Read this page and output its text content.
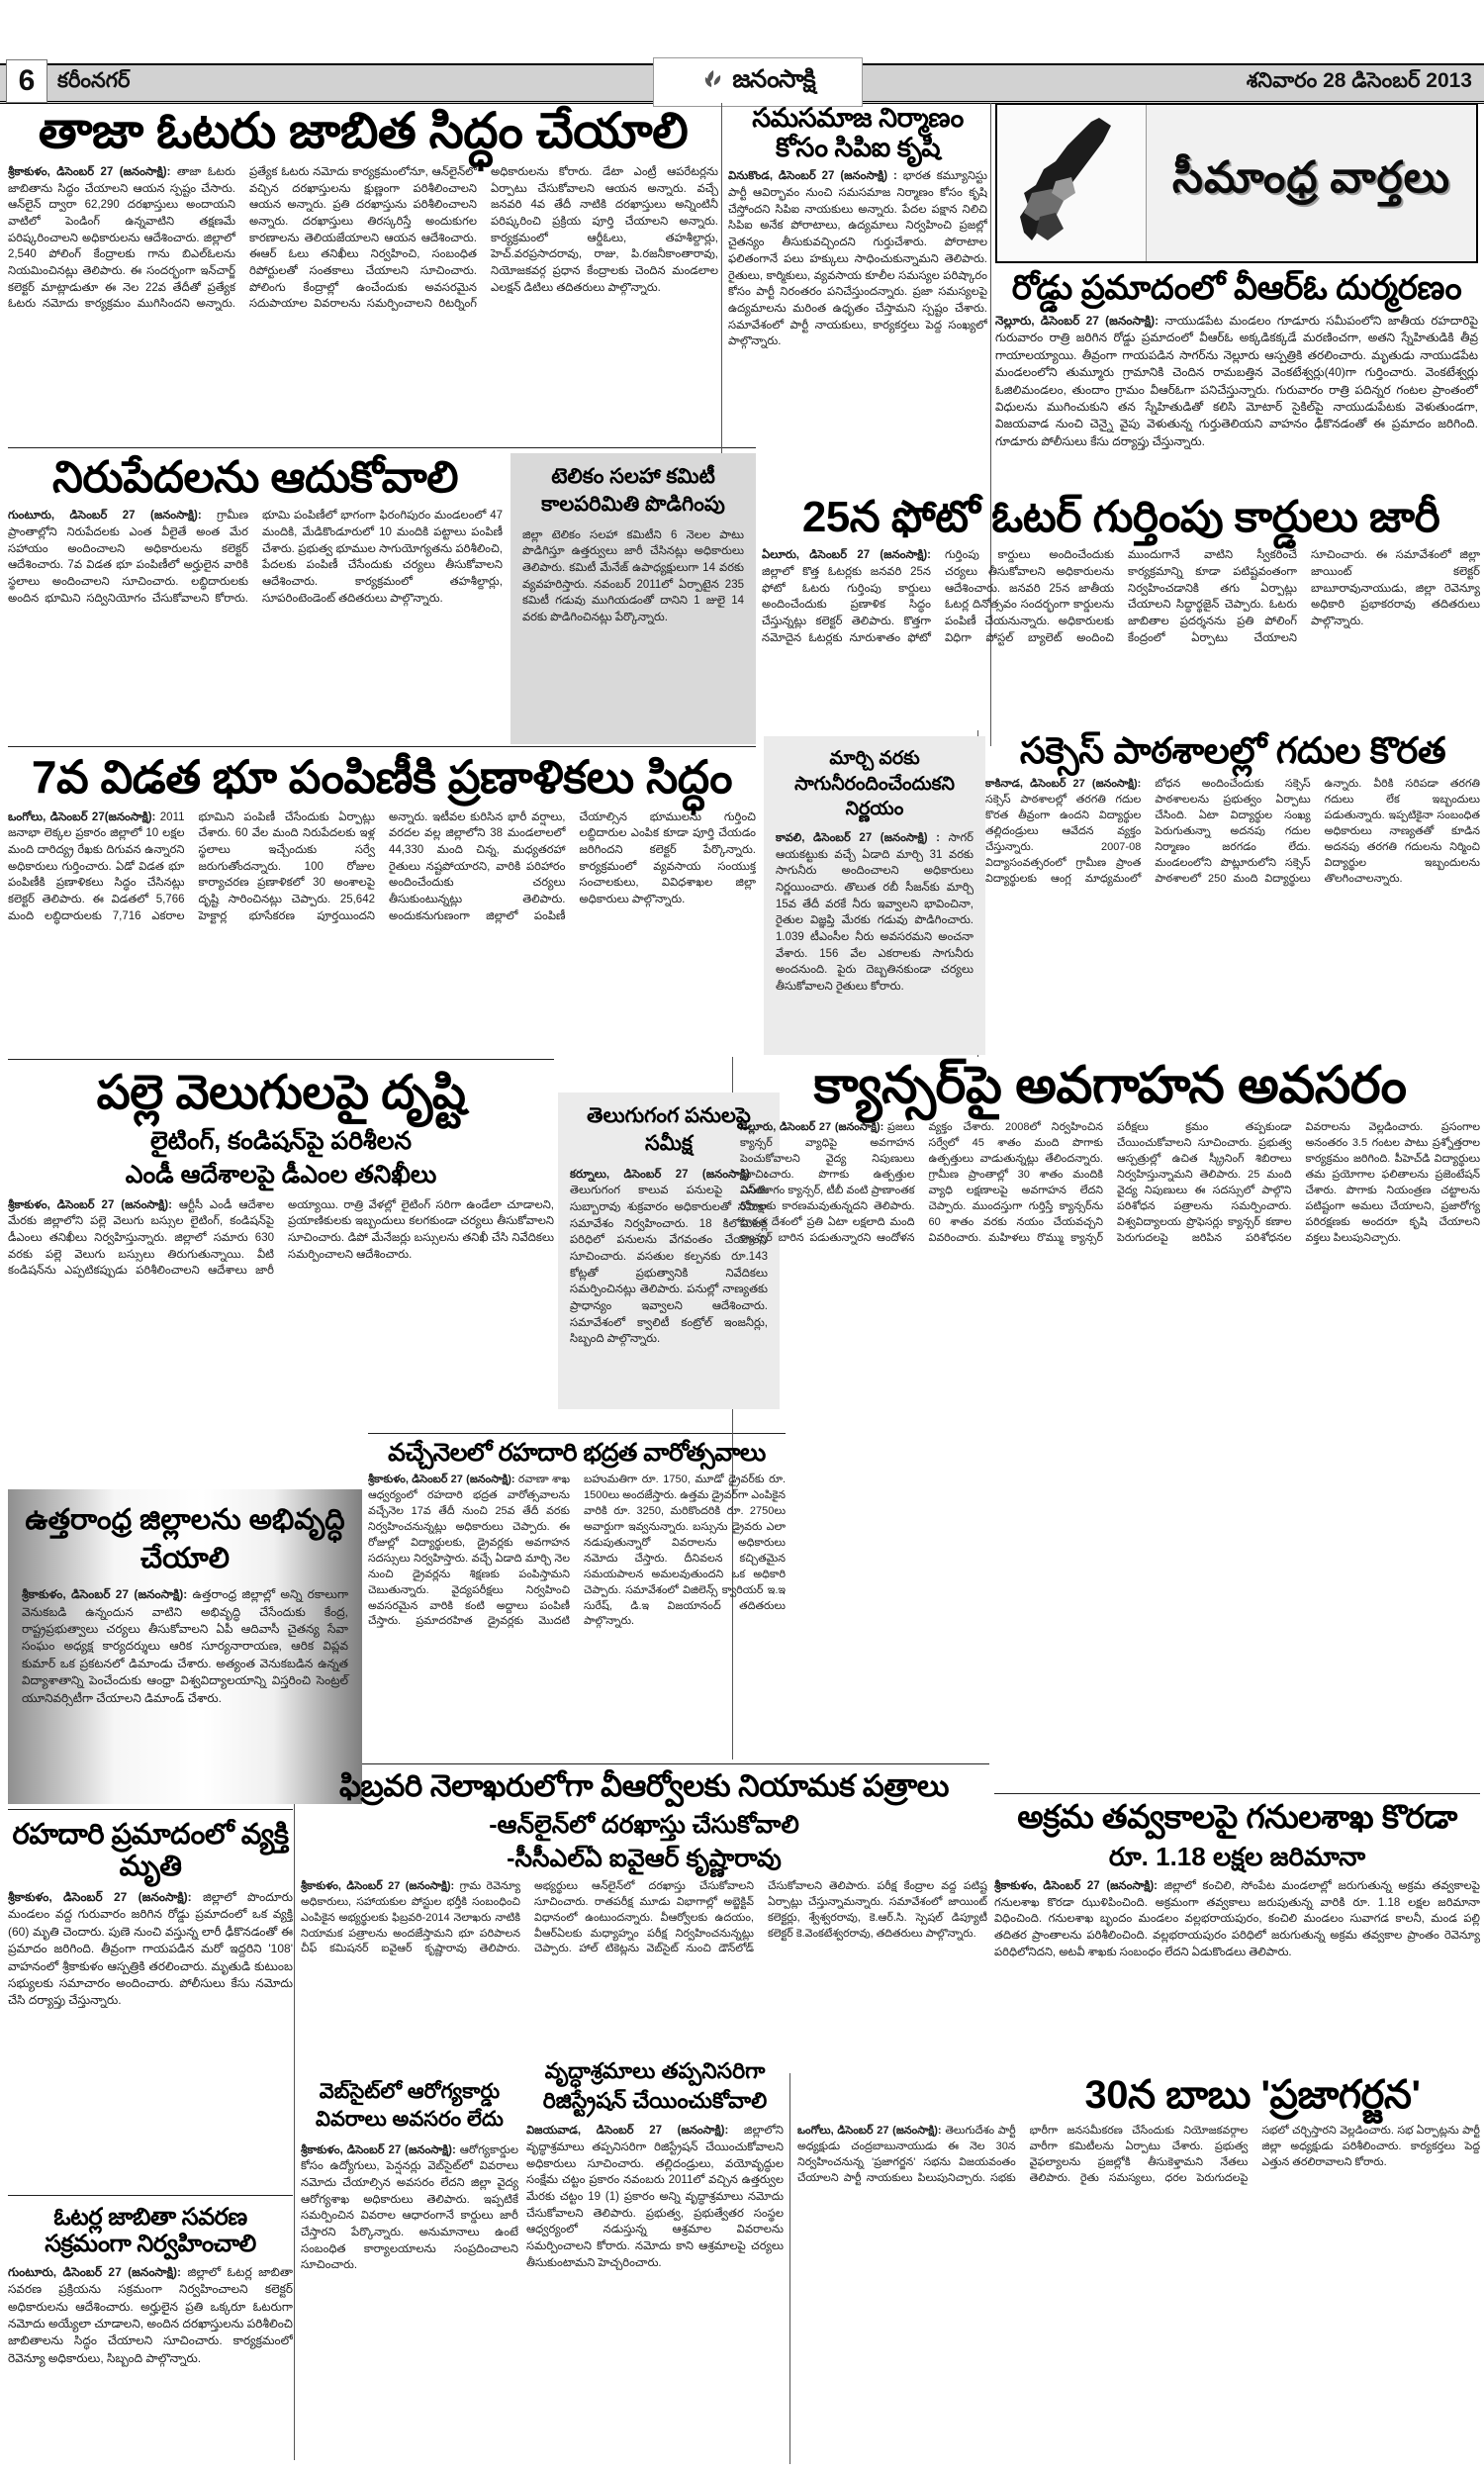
6	కరీంనగర్	జనంసాక్షి	శనివారం 28 డిసెంబర్ 2013
తాజా ఓటరు జాబిత సిద్ధం చేయాలి

శ్రీకాకుళం, డిసెంబర్ 27 (జనంసాక్షి): తాజా ఓటరు జాబితాను సిద్ధం చేయాలని ఆయన స్పష్టం చేసారు. ఆన్‌లైన్ ద్వారా 62,290 దరఖాస్తులు అందాయని వాటిలో పెండింగ్ ఉన్నవాటిని తక్షణమే పరిష్కరించాలని అధికారులను ఆదేశించారు. జిల్లాలో 2,540 పోలింగ్ కేంద్రాలకు గాను బిఎల్‌ఓలను నియమించినట్లు తెలిపారు. ఈ సందర్భంగా ఇన్‌చార్జ్ కలెక్టర్ మాట్లాడుతూ ఈ నెల 22వ తేదీతో ప్రత్యేక ఓటరు నమోదు కార్యక్రమం ముగిసిందని అన్నారు. ప్రత్యేక ఓటరు నమోదు కార్యక్రమంలోనూ, ఆన్‌లైన్‌లో వచ్చిన దరఖాస్తులను క్షుణ్ణంగా పరిశీలించాలని ఆయన అన్నారు. ప్రతి దరఖాస్తును పరిశీలించాలని అన్నారు. దరఖాస్తులు తిరస్కరిస్తే అందుకుగల కారణాలను తెలియజేయాలని ఆయన ఆదేశించారు. ఈఆర్ ఓలు తనిఖీలు నిర్వహించి, సంబంధిత రిపోర్టులతో సంతకాలు చేయాలని సూచించారు. పోలింగు కేంద్రాల్లో ఉంచేందుకు అవసరమైన సదుపాయాల వివరాలను సమర్పించాలని రిటర్నింగ్ అధికారులను కోరారు. డేటా ఎంట్రీ ఆపరేటర్లను ఏర్పాటు చేసుకోవాలని ఆయన అన్నారు. వచ్చే జనవరి 4వ తేదీ నాటికి దరఖాస్తులు అన్నింటినీ పరిష్కరించి ప్రక్రియ పూర్తి చేయాలని అన్నారు. కార్యక్రమంలో ఆర్డీఓలు, తహశీల్దార్లు, హెచ్.వరప్రసాదరావు, రాజు, పి.రజనీకాంతారావు, నియోజకవర్గ ప్రధాన కేంద్రాలకు చెందిన మండలాల ఎలక్షన్ డిటిలు తదితరులు పాల్గొన్నారు.

సమసమాజ నిర్మాణం కోసం సిపిఐ కృషి

వినుకొండ, డిసెంబర్ 27 (జనంసాక్షి) : భారత కమ్యూనిస్టు పార్టీ ఆవిర్భావం నుంచి సమసమాజ నిర్మాణం కోసం కృషి చేస్తోందని సిపిఐ నాయకులు అన్నారు. పేదల పక్షాన నిలిచి సిపిఐ అనేక పోరాటాలు, ఉద్యమాలు నిర్వహించి ప్రజల్లో చైతన్యం తీసుకువచ్చిందని గుర్తుచేశారు. పోరాటాల ఫలితంగానే పలు హక్కులు సాధించుకున్నామని తెలిపారు. రైతులు, కార్మికులు, వ్యవసాయ కూలీల సమస్యల పరిష్కారం కోసం పార్టీ నిరంతరం పనిచేస్తుందన్నారు. ప్రజా సమస్యలపై ఉద్యమాలను మరింత ఉధృతం చేస్తామని స్పష్టం చేశారు. సమావేశంలో పార్టీ నాయకులు, కార్యకర్తలు పెద్ద సంఖ్యలో పాల్గొన్నారు.

సీమాంధ్ర వార్తలు
రోడ్డు ప్రమాదంలో వీఆర్ఓ దుర్మరణం

నెల్లూరు, డిసెంబర్ 27 (జనంసాక్షి): నాయుడపేట మండలం గూడూరు సమీపంలోని జాతీయ రహదారిపై గురువారం రాత్రి జరిగిన రోడ్డు ప్రమాదంలో వీఆర్ఓ అక్కడికక్కడే మరణించగా, అతని స్నేహితుడికి తీవ్ర గాయాలయ్యాయి. తీవ్రంగా గాయపడిన సాగర్‌ను నెల్లూరు ఆస్పత్రికి తరలించారు. మృతుడు నాయుడపేట మండలంలోని తుమ్మూరు గ్రామానికి చెందిన రామబత్తిన వెంకటేశ్వర్లు(40)గా గుర్తించారు. వెంకటేశ్వర్లు ఓజిలిమండలం, తుందాం గ్రామం వీఆర్ఓగా పనిచేస్తున్నారు. గురువారం రాత్రి పదిన్నర గంటల ప్రాంతంలో విధులను ముగించుకుని తన స్నేహితుడితో కలిసి మోటార్ సైకిల్‌పై నాయుడుపేటకు వెళుతుండగా, విజయవాడ నుంచి చెన్నై వైపు వెళుతున్న గుర్తుతెలియని వాహనం ఢీకొనడంతో ఈ ప్రమాదం జరిగింది. గూడూరు పోలీసులు కేసు దర్యాప్తు చేస్తున్నారు.

నిరుపేదలను ఆదుకోవాలి

గుంటూరు, డిసెంబర్ 27 (జనంసాక్షి): గ్రామీణ ప్రాంతాల్లోని నిరుపేదలకు ఎంత వీలైతే అంత మేర సహాయం అందించాలని అధికారులను కలెక్టర్ ఆదేశించారు. 7వ విడత భూ పంపిణీలో అర్హులైన వారికి స్థలాలు అందించాలని సూచించారు. లబ్ధిదారులకు అందిన భూమిని సద్వినియోగం చేసుకోవాలని కోరారు. భూమి పంపిణీలో భాగంగా ఫిరంగిపురం మండలంలో 47 మందికి, మేడికొండూరులో 10 మందికి పట్టాలు పంపిణీ చేశారు. ప్రభుత్వ భూముల సాగుయోగ్యతను పరిశీలించి, పేదలకు పంపిణీ చేసేందుకు చర్యలు తీసుకోవాలని ఆదేశించారు. కార్యక్రమంలో తహశీల్దార్లు, సూపరింటెండెంట్ తదితరులు పాల్గొన్నారు.

టెలికం సలహా కమిటీ కాలపరిమితి పొడిగింపు

జిల్లా టెలికం సలహా కమిటీని 6 నెలల పాటు పొడిగిస్తూ ఉత్తర్వులు జారీ చేసినట్లు అధికారులు తెలిపారు. కమిటీ మేనేజ్ ఉపాధ్యక్షులుగా 14 వరకు వ్యవహరిస్తారు. నవంబర్ 2011లో ఏర్పాటైన 235 కమిటీ గడువు ముగియడంతో దానిని 1 జులై 14 వరకు పొడిగించినట్లు పేర్కొన్నారు.

25న ఫోటో ఓటర్ గుర్తింపు కార్డులు జారీ

ఏలూరు, డిసెంబర్ 27 (జనంసాక్షి): జిల్లాలో కొత్త ఓటర్లకు జనవరి 25న ఫోటో ఓటరు గుర్తింపు కార్డులు అందించేందుకు ప్రణాళిక సిద్ధం చేస్తున్నట్లు కలెక్టర్ తెలిపారు. కొత్తగా నమోదైన ఓటర్లకు నూరుశాతం ఫోటో గుర్తింపు కార్డులు అందించేందుకు చర్యలు తీసుకోవాలని అధికారులను ఆదేశించారు. జనవరి 25న జాతీయ ఓటర్ల దినోత్సవం సందర్భంగా కార్డులను పంపిణీ చేయనున్నారు. అధికారులకు విధిగా పోస్టల్ బ్యాలెట్ అందించి ముందుగానే వాటిని స్వీకరించే కార్యక్రమాన్ని కూడా పటిష్టవంతంగా నిర్వహించడానికి తగు ఏర్పాట్లు చేయాలని సిద్ధార్థజైన్ చెప్పారు. ఓటరు జాబితాల ప్రదర్శనను ప్రతి పోలింగ్ కేంద్రంలో ఏర్పాటు చేయాలని సూచించారు. ఈ సమావేశంలో జిల్లా జాయింట్ కలెక్టర్ బాబూరావునాయుడు, జిల్లా రెవెన్యూ అధికారి ప్రభాకరరావు తదితరులు పాల్గొన్నారు.

7వ విడత భూ పంపిణీకి ప్రణాళికలు సిద్ధం

ఒంగోలు, డిసెంబర్ 27(జనంసాక్షి): 2011 జనాభా లెక్కల ప్రకారం జిల్లాలో 10 లక్షల మంది దారిద్య్ర రేఖకు దిగువన ఉన్నారని అధికారులు గుర్తించారు. ఏడో విడత భూ పంపిణీకి ప్రణాళికలు సిద్ధం చేసినట్లు కలెక్టర్ తెలిపారు. ఈ విడతలో 5,766 మంది లబ్ధిదారులకు 7,716 ఎకరాల భూమిని పంపిణీ చేసేందుకు ఏర్పాట్లు చేశారు. 60 వేల మంది నిరుపేదలకు ఇళ్ల స్థలాలు ఇచ్చేందుకు సర్వే జరుగుతోందన్నారు. 100 రోజుల కార్యాచరణ ప్రణాళికలో 30 అంశాలపై దృష్టి సారించినట్లు చెప్పారు. 25,642 హెక్టార్ల భూసేకరణ పూర్తయిందని అన్నారు. ఇటీవల కురిసిన భారీ వర్షాలు, వరదల వల్ల జిల్లాలోని 38 మండలాలలో 44,330 మంది చిన్న, మధ్యతరహా రైతులు నష్టపోయారని, వారికి పరిహారం అందించేందుకు చర్యలు తీసుకుంటున్నట్లు తెలిపారు. అందుకనుగుణంగా జిల్లాలో పంపిణీ చేయాల్సిన భూములను గుర్తించి లబ్ధిదారుల ఎంపిక కూడా పూర్తి చేయడం జరిగిందని కలెక్టర్ పేర్కొన్నారు. కార్యక్రమంలో వ్యవసాయ సంయుక్త సంచాలకులు, వివిధశాఖల జిల్లా అధికారులు పాల్గొన్నారు.

మార్చి వరకు సాగునీరందించేందుకని నిర్ణయం

కావలి, డిసెంబర్ 27 (జనంసాక్షి) : సాగర్ ఆయకట్టుకు వచ్చే ఏడాది మార్చి 31 వరకు సాగునీరు అందించాలని అధికారులు నిర్ణయించారు. తొలుత రబీ సీజన్‌కు మార్చి 15వ తేదీ వరకే నీరు ఇవ్వాలని భావించినా, రైతుల విజ్ఞప్తి మేరకు గడువు పొడిగించారు. 1.039 టీఎంసీల నీరు అవసరమని అంచనా వేశారు. 156 వేల ఎకరాలకు సాగునీరు అందనుంది. పైరు దెబ్బతినకుండా చర్యలు తీసుకోవాలని రైతులు కోరారు.

సక్సెస్ పాఠశాలల్లో గదుల కొరత

కాకినాడ, డిసెంబర్ 27 (జనంసాక్షి): సక్సెస్ పాఠశాలల్లో తరగతి గదుల కొరత తీవ్రంగా ఉందని విద్యార్థుల తల్లిదండ్రులు ఆవేదన వ్యక్తం చేస్తున్నారు. 2007-08 విద్యాసంవత్సరంలో గ్రామీణ ప్రాంత విద్యార్థులకు ఆంగ్ల మాధ్యమంలో బోధన అందించేందుకు సక్సెస్ పాఠశాలలను ప్రభుత్వం ఏర్పాటు చేసింది. ఏటా విద్యార్థుల సంఖ్య పెరుగుతున్నా అదనపు గదుల నిర్మాణం జరగడం లేదు. మండలంలోని పొట్లూరులోని సక్సెస్ పాఠశాలలో 250 మంది విద్యార్థులు ఉన్నారు. వీరికి సరిపడా తరగతి గదులు లేక ఇబ్బందులు పడుతున్నారు. ఇప్పటికైనా సంబంధిత అధికారులు నాణ్యతతో కూడిన అదనపు తరగతి గదులను నిర్మించి విద్యార్థుల ఇబ్బందులను తొలగించాలన్నారు.

పల్లె వెలుగులపై దృష్టి
లైటింగ్, కండిషన్‌పై పరిశీలన
ఎండీ ఆదేశాలపై డీఎంల తనిఖీలు

శ్రీకాకుళం, డిసెంబర్ 27 (జనంసాక్షి): ఆర్టీసీ ఎండీ ఆదేశాల మేరకు జిల్లాలోని పల్లె వెలుగు బస్సుల లైటింగ్, కండిషన్‌పై డీఎంలు తనిఖీలు నిర్వహిస్తున్నారు. జిల్లాలో సమారు 630 వరకు పల్లె వెలుగు బస్సులు తిరుగుతున్నాయి. వీటి కండిషన్‌ను ఎప్పటికప్పుడు పరిశీలించాలని ఆదేశాలు జారీ అయ్యాయి. రాత్రి వేళల్లో లైటింగ్ సరిగా ఉండేలా చూడాలని, ప్రయాణికులకు ఇబ్బందులు కలగకుండా చర్యలు తీసుకోవాలని సూచించారు. డిపో మేనేజర్లు బస్సులను తనిఖీ చేసి నివేదికలు సమర్పించాలని ఆదేశించారు.

తెలుగుగంగ పనులపై సమీక్ష

కర్నూలు, డిసెంబర్ 27 (జనంసాక్షి) : తెలుగుగంగ కాలువ పనులపై ఎస్‌ఈ సుబ్బారావు శుక్రవారం అధికారులతో సమీక్షా సమావేశం నిర్వహించారు. 18 కిలోమీటర్ల పరిధిలో పనులను వేగవంతం చేయాలని సూచించారు. వసతుల కల్పనకు రూ.143 కోట్లతో ప్రభుత్వానికి నివేదికలు సమర్పించినట్లు తెలిపారు. పనుల్లో నాణ్యతకు ప్రాధాన్యం ఇవ్వాలని ఆదేశించారు. సమావేశంలో క్వాలిటీ కంట్రోల్ ఇంజనీర్లు, సిబ్బంది పాల్గొన్నారు.

క్యాన్సర్‌పై అవగాహన అవసరం

నెల్లూరు, డిసెంబర్ 27 (జనంసాక్షి): ప్రజలు క్యాన్సర్ వ్యాధిపై అవగాహన పెంచుకోవాలని వైద్య నిపుణులు సూచించారు. పొగాకు ఉత్పత్తుల వినియోగం క్యాన్సర్, టీబీ వంటి ప్రాణాంతక రోగాలకు కారణమవుతున్నదని తెలిపారు. భారత దేశంలో ప్రతి ఏటా లక్షలాది మంది క్యాన్సర్ బారిన పడుతున్నారని ఆందోళన వ్యక్తం చేశారు. 2008లో నిర్వహించిన సర్వేలో 45 శాతం మంది పొగాకు ఉత్పత్తులు వాడుతున్నట్లు తేలిందన్నారు. గ్రామీణ ప్రాంతాల్లో 30 శాతం మందికి వ్యాధి లక్షణాలపై అవగాహన లేదని చెప్పారు. ముందస్తుగా గుర్తిస్తే క్యాన్సర్‌ను 60 శాతం వరకు నయం చేయవచ్చని వివరించారు. మహిళలు రొమ్ము క్యాన్సర్ పరీక్షలు క్రమం తప్పకుండా చేయించుకోవాలని సూచించారు. ప్రభుత్వ ఆస్పత్రుల్లో ఉచిత స్క్రీనింగ్ శిబిరాలు నిర్వహిస్తున్నామని తెలిపారు. 25 మంది వైద్య నిపుణులు ఈ సదస్సులో పాల్గొని పరిశోధన పత్రాలను సమర్పించారు. విశ్వవిద్యాలయ ప్రొఫెసర్లు క్యాన్సర్ కణాల పెరుగుదలపై జరిపిన పరిశోధనల వివరాలను వెల్లడించారు. ప్రసంగాల అనంతరం 3.5 గంటల పాటు ప్రశ్నోత్తరాల కార్యక్రమం జరిగింది. పీహెచ్‌డి విద్యార్థులు తమ ప్రయోగాల ఫలితాలను ప్రజెంటేషన్ చేశారు. పొగాకు నియంత్రణ చట్టాలను పటిష్టంగా అమలు చేయాలని, ప్రజారోగ్య పరిరక్షణకు అందరూ కృషి చేయాలని వక్తలు పిలుపునిచ్చారు.

ఉత్తరాంధ్ర జిల్లాలను అభివృద్ధి చేయాలి

శ్రీకాకుళం, డిసెంబర్ 27 (జనంసాక్షి): ఉత్తరాంధ్ర జిల్లాల్లో అన్ని రకాలుగా వెనుకబడి ఉన్నందున వాటిని అభివృద్ధి చేసేందుకు కేంద్ర, రాష్ట్రప్రభుత్వాలు చర్యలు తీసుకోవాలని ఏపీ ఆదివాసీ చైతన్య సేవా సంఘం అధ్యక్ష కార్యదర్శులు ఆరిక సూర్యనారాయణ, ఆరిక విప్లవ కుమార్ ఒక ప్రకటనలో డిమాండు చేశారు. అత్యంత వెనుకబడిన ఉన్నత విద్యాశాతాన్ని పెంచేందుకు ఆంధ్రా విశ్వవిద్యాలయాన్ని విస్తరించి సెంట్రల్ యూనివర్సిటీగా చేయాలని డిమాండ్ చేశారు.

వచ్చేనెలలో రహదారి భద్రత వారోత్సవాలు

శ్రీకాకుళం, డిసెంబర్ 27 (జనంసాక్షి): రవాణా శాఖ ఆధ్వర్యంలో రహదారి భద్రత వారోత్సవాలను వచ్చేనెల 17వ తేదీ నుంచి 25వ తేదీ వరకు నిర్వహించనున్నట్లు అధికారులు చెప్పారు. ఈ రోజుల్లో విద్యార్థులకు, డ్రైవర్లకు అవగాహన సదస్సులు నిర్వహిస్తారు. వచ్చే ఏడాది మార్చి నెల నుంచి డ్రైవర్లను శిక్షణకు పంపిస్తామని చెబుతున్నారు. వైద్యపరీక్షలు నిర్వహించి అవసరమైన వారికి కంటి అద్దాలు పంపిణీ చేస్తారు. ప్రమాదరహిత డ్రైవర్లకు మొదటి బహుమతిగా రూ. 1750, మూడో డ్రైవర్‌కు రూ. 1500లు అందజేస్తారు. ఉత్తమ డ్రైవర్‌గా ఎంపికైన వారికి రూ. 3250, మరికొందరికి రూ. 2750లు అవార్డుగా ఇవ్వనున్నారు. బస్సును డ్రైవరు ఎలా నడుపుతున్నారో వివరాలను అధికారులు నమోదు చేస్తారు. దీనివలన కచ్చితమైన సమయపాలన అమలవుతుందని ఒక అధికారి చెప్పారు. సమావేశంలో విజిలెన్స్ క్వారియర్ ఇ.ఇ సురేష్, డి.ఇ విజయానంద్ తదితరులు పాల్గొన్నారు.

రహదారి ప్రమాదంలో వ్యక్తి మృతి

శ్రీకాకుళం, డిసెంబర్ 27 (జనంసాక్షి): జిల్లాలో పొందూరు మండలం వద్ద గురువారం జరిగిన రోడ్డు ప్రమాదంలో ఒక వ్యక్తి (60) మృతి చెందారు. పుణె నుంచి వస్తున్న లారీ ఢీకొనడంతో ఈ ప్రమాదం జరిగింది. తీవ్రంగా గాయపడిన మరో ఇద్దరిని '108' వాహనంలో శ్రీకాకుళం ఆస్పత్రికి తరలించారు. మృతుడి కుటుంబ సభ్యులకు సమాచారం అందించారు. పోలీసులు కేసు నమోదు చేసి దర్యాప్తు చేస్తున్నారు.

ఓటర్ల జాబితా సవరణ సక్రమంగా నిర్వహించాలి

గుంటూరు, డిసెంబర్ 27 (జనంసాక్షి): జిల్లాలో ఓటర్ల జాబితా సవరణ ప్రక్రియను సక్రమంగా నిర్వహించాలని కలెక్టర్ అధికారులను ఆదేశించారు. అర్హులైన ప్రతి ఒక్కరూ ఓటరుగా నమోదు అయ్యేలా చూడాలని, అందిన దరఖాస్తులను పరిశీలించి జాబితాలను సిద్ధం చేయాలని సూచించారు. కార్యక్రమంలో రెవెన్యూ అధికారులు, సిబ్బంది పాల్గొన్నారు.

ఫిబ్రవరి నెలాఖరులోగా వీఆర్వోలకు నియామక పత్రాలు
-ఆన్‌లైన్‌లో దరఖాస్తు చేసుకోవాలి
-సీసీఎల్ఏ ఐవైఆర్ కృష్ణారావు

శ్రీకాకుళం, డిసెంబర్ 27 (జనంసాక్షి): గ్రామ రెవెన్యూ అధికారులు, సహాయకుల పోస్టుల భర్తీకి సంబంధించి ఎంపికైన అభ్యర్థులకు ఫిబ్రవరి-2014 నెలాఖరు నాటికి నియామక పత్రాలను అందజేస్తామని భూ పరిపాలన చీఫ్ కమిషనర్ ఐవైఆర్ కృష్ణారావు తెలిపారు. అభ్యర్థులు ఆన్‌లైన్‌లో దరఖాస్తు చేసుకోవాలని సూచించారు. రాతపరీక్ష మూడు విభాగాల్లో అబ్జెక్టివ్ విధానంలో ఉంటుందన్నారు. వీఆర్వోలకు ఉదయం, వీఆర్ఏలకు మధ్యాహ్నం పరీక్ష నిర్వహించనున్నట్లు చెప్పారు. హాల్ టికెట్లను వెబ్‌సైట్ నుంచి డౌన్‌లోడ్ చేసుకోవాలని తెలిపారు. పరీక్ష కేంద్రాల వద్ద పటిష్ట ఏర్పాట్లు చేస్తున్నామన్నారు. సమావేశంలో జాయింట్ కలెక్టర్లు, శ్వేశ్వరరావు, కె.ఆర్.సి. స్పెషల్ డిప్యూటీ కలెక్టర్ కె.వెంకటేశ్వరరావు, తదితరులు పాల్గొన్నారు.

వెబ్‌సైట్‌లో ఆరోగ్యకార్డు వివరాలు అవసరం లేదు

శ్రీకాకుళం, డిసెంబర్ 27 (జనంసాక్షి): ఆరోగ్యకార్డుల కోసం ఉద్యోగులు, పెన్షనర్లు వెబ్‌సైట్‌లో వివరాలు నమోదు చేయాల్సిన అవసరం లేదని జిల్లా వైద్య ఆరోగ్యశాఖ అధికారులు తెలిపారు. ఇప్పటికే సమర్పించిన వివరాల ఆధారంగానే కార్డులు జారీ చేస్తారని పేర్కొన్నారు. అనుమానాలు ఉంటే సంబంధిత కార్యాలయాలను సంప్రదించాలని సూచించారు.

వృద్ధాశ్రమాలు తప్పనిసరిగా రిజిస్ట్రేషన్ చేయించుకోవాలి

విజయవాడ, డిసెంబర్ 27 (జనంసాక్షి): జిల్లాలోని వృద్ధాశ్రమాలు తప్పనిసరిగా రిజిస్ట్రేషన్ చేయించుకోవాలని అధికారులు సూచించారు. తల్లిదండ్రులు, వయోవృద్ధుల సంక్షేమ చట్టం ప్రకారం నవంబరు 2011లో వచ్చిన ఉత్తర్వుల మేరకు చట్టం 19 (1) ప్రకారం అన్ని వృద్ధాశ్రమాలు నమోదు చేసుకోవాలని తెలిపారు. ప్రభుత్వ, ప్రభుత్వేతర సంస్థల ఆధ్వర్యంలో నడుస్తున్న ఆశ్రమాల వివరాలను సమర్పించాలని కోరారు. నమోదు కాని ఆశ్రమాలపై చర్యలు తీసుకుంటామని హెచ్చరించారు.

అక్రమ తవ్వకాలపై గనులశాఖ కొరడా
రూ. 1.18 లక్షల జరిమానా

శ్రీకాకుళం, డిసెంబర్ 27 (జనంసాక్షి): జిల్లాలో కంచిలి, సోంపేట మండలాల్లో జరుగుతున్న అక్రమ తవ్వకాలపై గనులశాఖ కొరడా ఝుళిపించింది. అక్రమంగా తవ్వకాలు జరుపుతున్న వారికి రూ. 1.18 లక్షల జరిమానా విధించింది. గనులశాఖ బృందం మండలం వల్లభరాయపురం, కంచిలి మండలం సువాగడ కాలనీ, మండ పల్లి తదితర ప్రాంతాలను పరిశీలించింది. వల్లభరాయపురం పరిధిలో జరుగుతున్న అక్రమ తవ్వకాల ప్రాంతం రెవెన్యూ పరిధిలోనిదని, అటవీ శాఖకు సంబంధం లేదని ఏడుకొండలు తెలిపారు.

30న బాబు 'ప్రజాగర్జన'

ఒంగోలు, డిసెంబర్ 27 (జనంసాక్షి): తెలుగుదేశం పార్టీ అధ్యక్షుడు చంద్రబాబునాయుడు ఈ నెల 30న నిర్వహించనున్న 'ప్రజాగర్జన' సభను విజయవంతం చేయాలని పార్టీ నాయకులు పిలుపునిచ్చారు. సభకు భారీగా జనసమీకరణ చేసేందుకు నియోజకవర్గాల వారీగా కమిటీలను ఏర్పాటు చేశారు. ప్రభుత్వ వైఫల్యాలను ప్రజల్లోకి తీసుకెళ్తామని నేతలు తెలిపారు. రైతు సమస్యలు, ధరల పెరుగుదలపై సభలో చర్చిస్తారని వెల్లడించారు. సభ ఏర్పాట్లను పార్టీ జిల్లా అధ్యక్షుడు పరిశీలించారు. కార్యకర్తలు పెద్ద ఎత్తున తరలిరావాలని కోరారు.
